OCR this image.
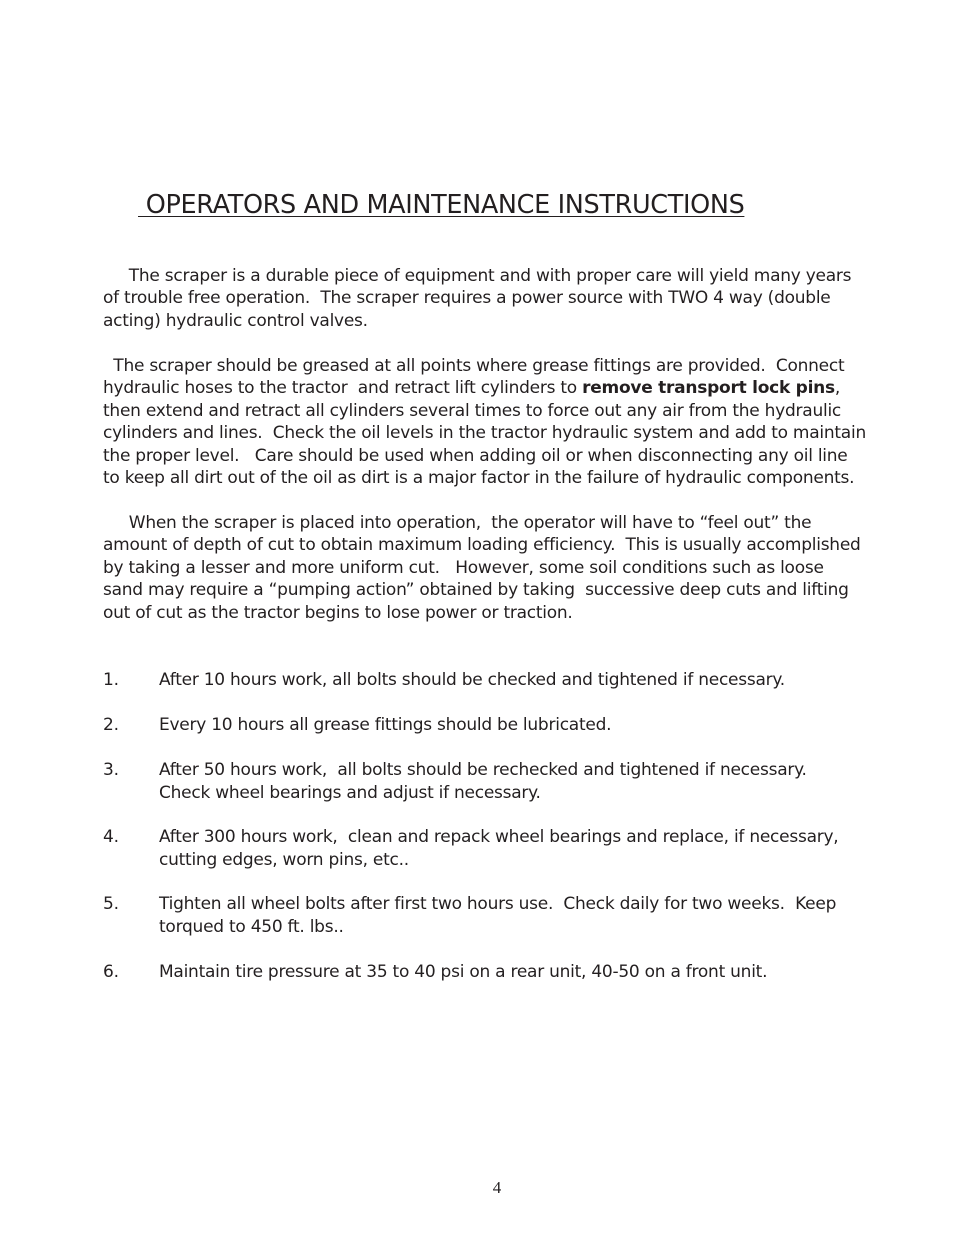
OPERATORS AND MAINTENANCE INSTRUCTIONS
The scraper is a durable piece of equipment and with proper care will yield many years
of trouble free operation.  The scraper requires a power source with TWO 4 way (double
acting) hydraulic control valves.
The scraper should be greased at all points where grease fittings are provided.  Connect
hydraulic hoses to the tractor  and retract lift cylinders to remove transport lock pins,
then extend and retract all cylinders several times to force out any air from the hydraulic
cylinders and lines.  Check the oil levels in the tractor hydraulic system and add to maintain
the proper level.   Care should be used when adding oil or when disconnecting any oil line
to keep all dirt out of the oil as dirt is a major factor in the failure of hydraulic components.
When the scraper is placed into operation,  the operator will have to “feel out” the
amount of depth of cut to obtain maximum loading efficiency.  This is usually accomplished
by taking a lesser and more uniform cut.   However, some soil conditions such as loose
sand may require a “pumping action” obtained by taking  successive deep cuts and lifting
out of cut as the tractor begins to lose power or traction.
1. After 10 hours work, all bolts should be checked and tightened if necessary.
2. Every 10 hours all grease fittings should be lubricated.
3. After 50 hours work,  all bolts should be rechecked and tightened if necessary.
Check wheel bearings and adjust if necessary.
4. After 300 hours work,  clean and repack wheel bearings and replace, if necessary,
cutting edges, worn pins, etc..
5. Tighten all wheel bolts after first two hours use.  Check daily for two weeks.  Keep
torqued to 450 ft. lbs..
6. Maintain tire pressure at 35 to 40 psi on a rear unit, 40-50 on a front unit.
4
